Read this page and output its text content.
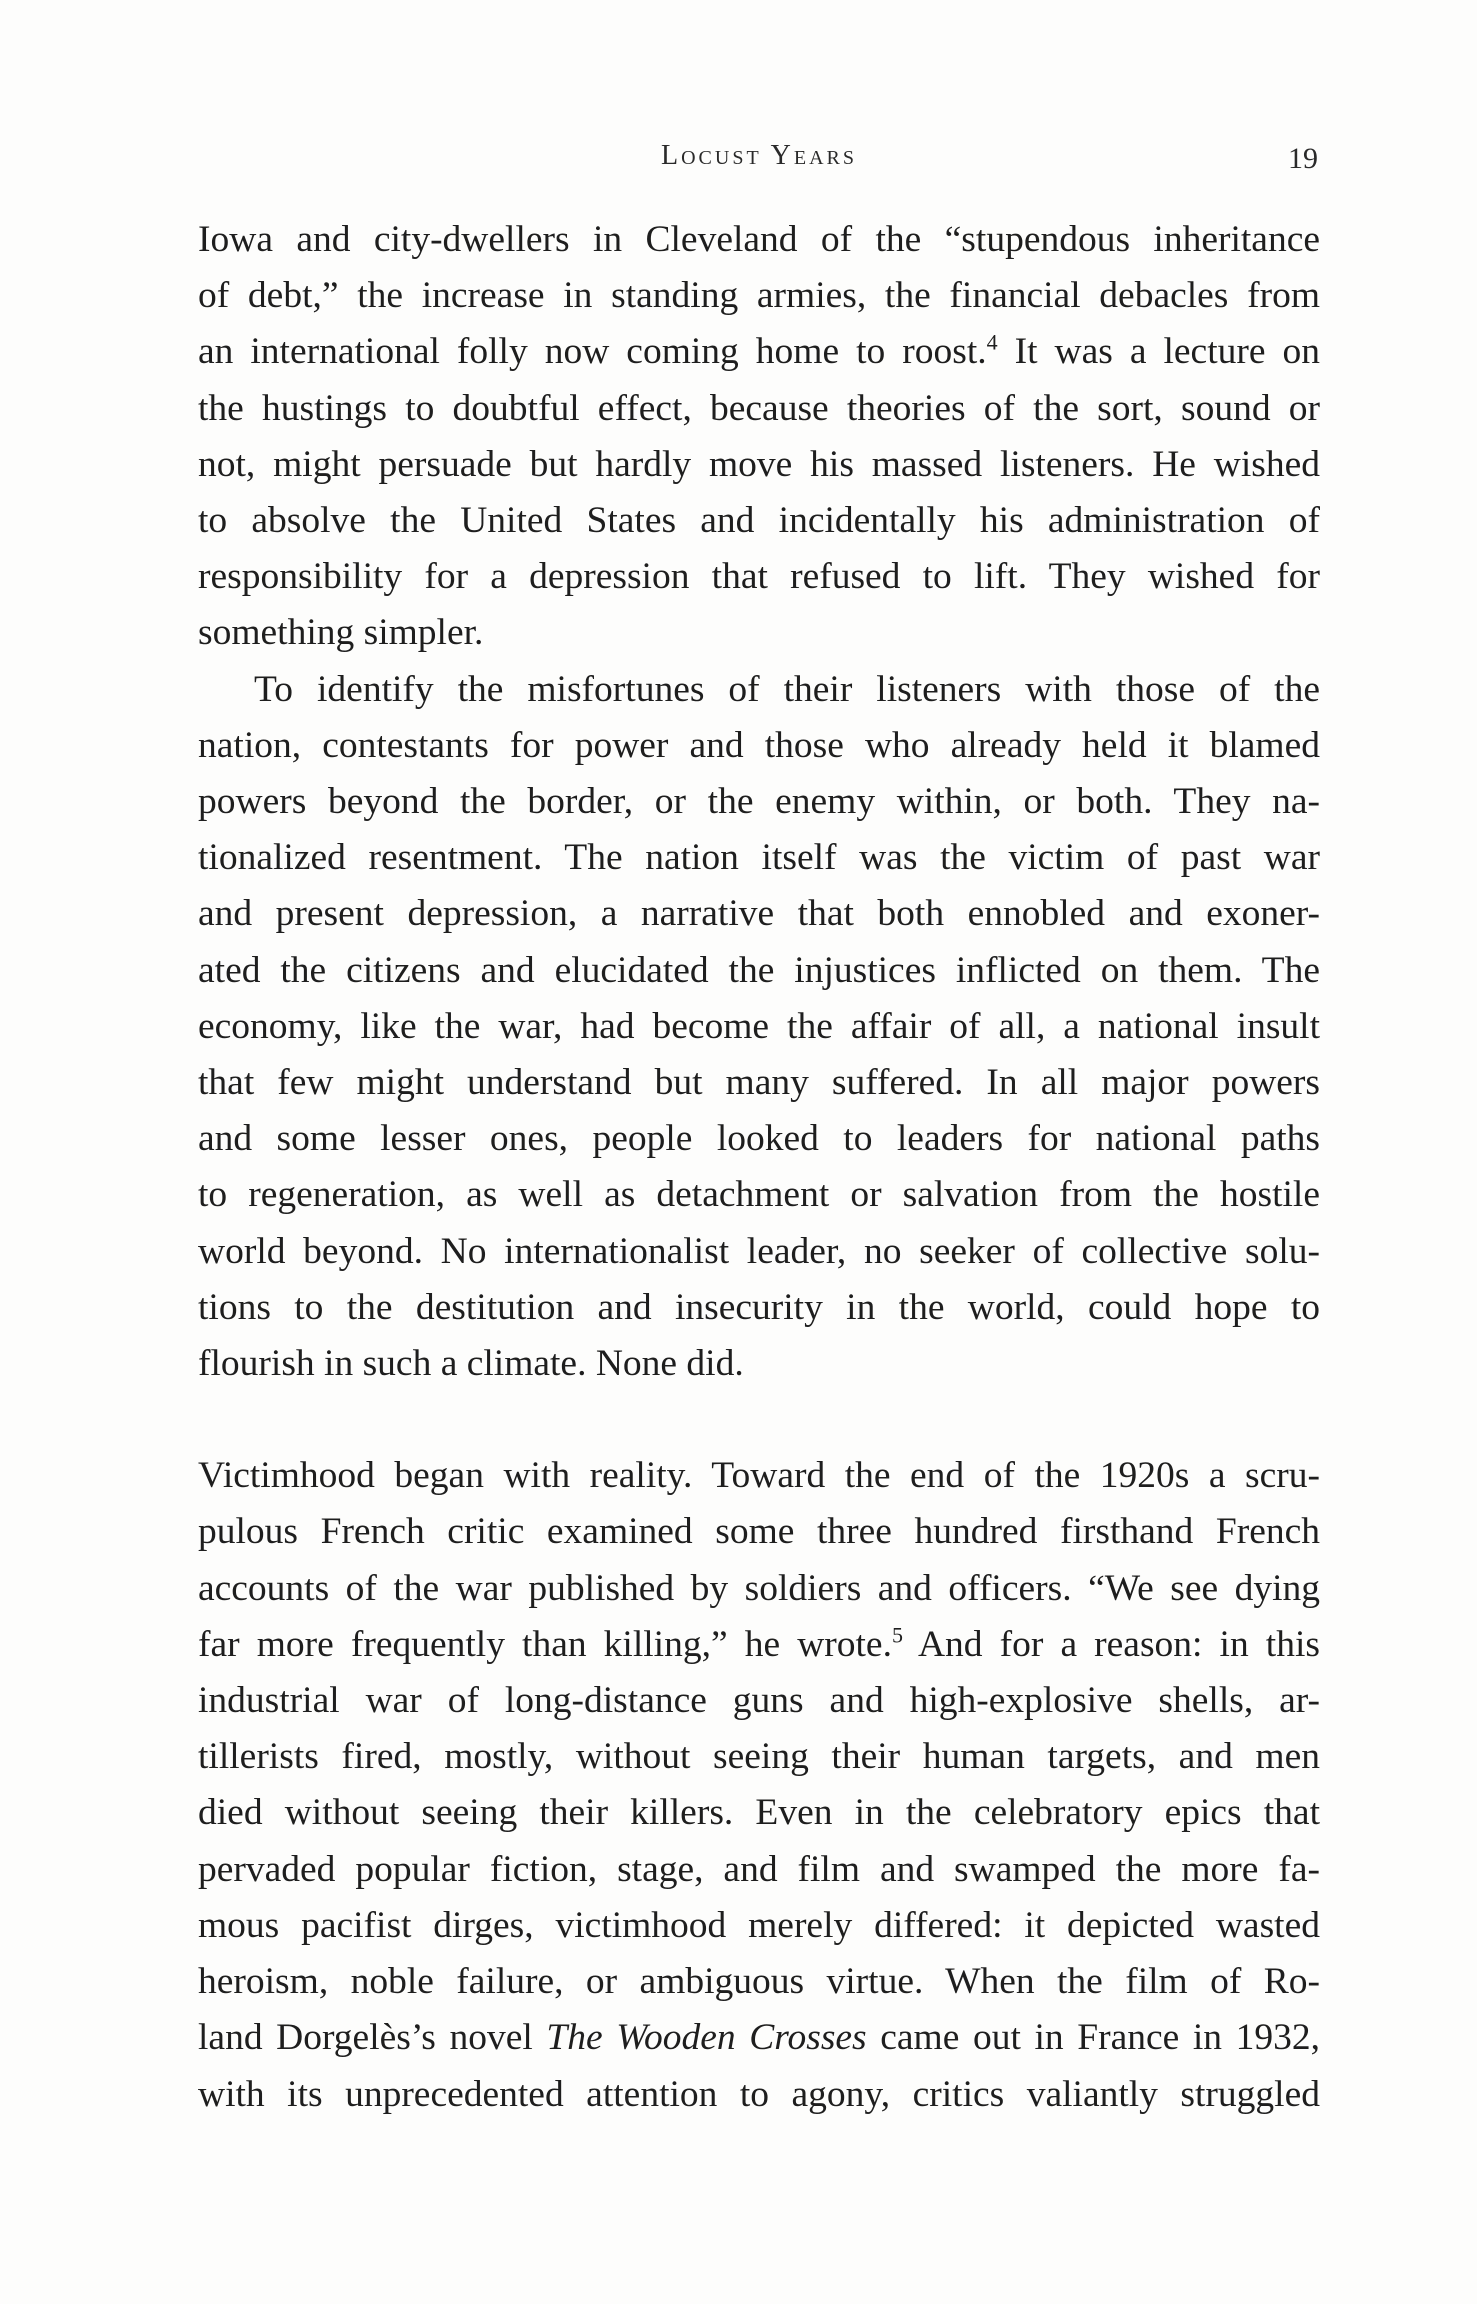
Locust Years	19

Iowa and city-dwellers in Cleveland of the “stupendous inheritance
of debt,” the increase in standing armies, the financial debacles from
an international folly now coming home to roost.$^4$ It was a lecture on
the hustings to doubtful effect, because theories of the sort, sound or
not, might persuade but hardly move his massed listeners. He wished
to absolve the United States and incidentally his administration of
responsibility for a depression that refused to lift. They wished for
something simpler.

To identify the misfortunes of their listeners with those of the
nation, contestants for power and those who already held it blamed
powers beyond the border, or the enemy within, or both. They na-
tionalized resentment. The nation itself was the victim of past war
and present depression, a narrative that both ennobled and exoner-
ated the citizens and elucidated the injustices inflicted on them. The
economy, like the war, had become the affair of all, a national insult
that few might understand but many suffered. In all major powers
and some lesser ones, people looked to leaders for national paths
to regeneration, as well as detachment or salvation from the hostile
world beyond. No internationalist leader, no seeker of collective solu-
tions to the destitution and insecurity in the world, could hope to
flourish in such a climate. None did.

Victimhood began with reality. Toward the end of the 1920s a scru-
pulous French critic examined some three hundred firsthand French
accounts of the war published by soldiers and officers. “We see dying
far more frequently than killing,” he wrote.$^5$ And for a reason: in this
industrial war of long-distance guns and high-explosive shells, ar-
tillerists fired, mostly, without seeing their human targets, and men
died without seeing their killers. Even in the celebratory epics that
pervaded popular fiction, stage, and film and swamped the more fa-
mous pacifist dirges, victimhood merely differed: it depicted wasted
heroism, noble failure, or ambiguous virtue. When the film of Ro-
land Dorgelès’s novel The Wooden Crosses came out in France in 1932,
with its unprecedented attention to agony, critics valiantly struggled
